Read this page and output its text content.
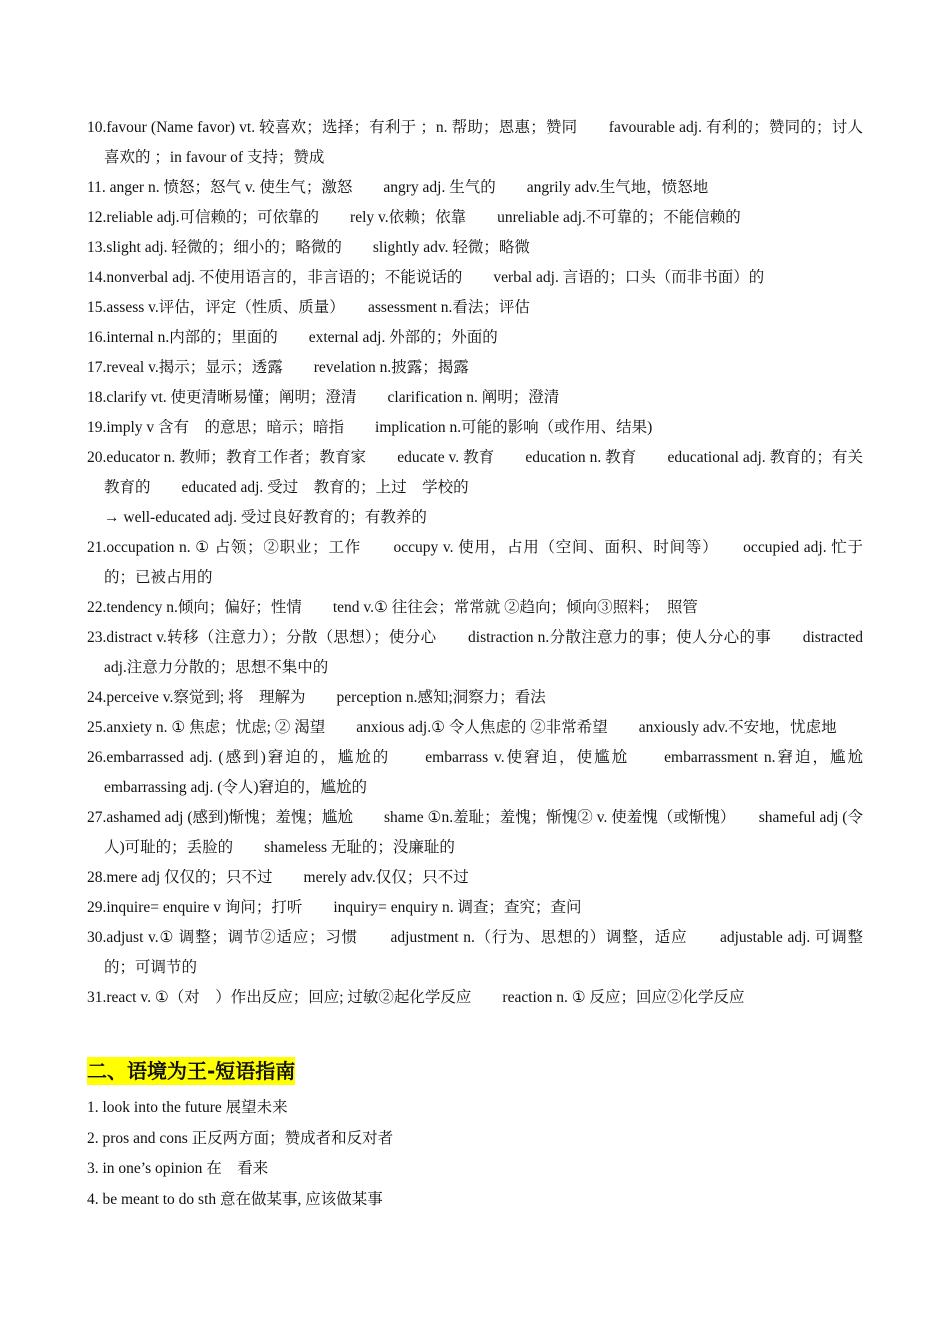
10.favour (Name favor) vt. 较喜欢；选择；有利于 ；n. 帮助；恩惠；赞同　　favourable adj. 有利的；赞同的；讨人喜欢的 ；in favour of 支持；赞成
11. anger n. 愤怒；怒气 v. 使生气；激怒　　angry adj. 生气的　　angrily adv.生气地，愤怒地
12.reliable adj.可信赖的；可依靠的　　rely v.依赖；依靠　　unreliable adj.不可靠的；不能信赖的
13.slight adj. 轻微的；细小的；略微的　　slightly adv. 轻微；略微
14.nonverbal adj. 不使用语言的，非言语的；不能说话的　　verbal adj. 言语的；口头（而非书面）的
15.assess v.评估，评定（性质、质量）　　assessment n.看法；评估
16.internal n.内部的；里面的　　external adj. 外部的；外面的
17.reveal v.揭示；显示；透露　　revelation n.披露；揭露
18.clarify vt. 使更清晰易懂；阐明；澄清　　clarification n. 阐明；澄清
19.imply v 含有　的意思；暗示；暗指　　implication n.可能的影响（或作用、结果)
20.educator n. 教师；教育工作者；教育家　　educate v. 教育　　education n. 教育　　educational adj. 教育的；有关教育的　　educated adj. 受过　教育的；上过　学校的
→ well-educated adj. 受过良好教育的；有教养的
21.occupation n. ① 占领；②职业；工作　　occupy v. 使用，占用（空间、面积、时间等）　　occupied adj. 忙于　　的；已被占用的
22.tendency n.倾向；偏好；性情　　tend v.① 往往会；常常就 ②趋向；倾向③照料；　照管
23.distract v.转移（注意力）；分散（思想）；使分心　　distraction n.分散注意力的事；使人分心的事　　distracted adj.注意力分散的；思想不集中的
24.perceive v.察觉到; 将　理解为　　perception n.感知;洞察力；看法
25.anxiety n. ① 焦虑；忧虑; ② 渴望　　anxious adj.① 令人焦虑的 ②非常希望　　anxiously adv.不安地，忧虑地
26.embarrassed adj. (感到)窘迫的，尴尬的　　embarrass v.使窘迫，使尴尬　　embarrassment n.窘迫，尴尬　　　embarrassing adj. (令人)窘迫的，尴尬的
27.ashamed adj (感到)惭愧；羞愧；尴尬　　shame ①n.羞耻；羞愧；惭愧② v. 使羞愧（或惭愧）　　shameful adj (令人)可耻的；丢脸的　　shameless 无耻的；没廉耻的
28.mere adj 仅仅的；只不过　　merely adv.仅仅；只不过
29.inquire= enquire v 询问；打听　　inquiry= enquiry n. 调查；查究；查问
30.adjust v.① 调整；调节②适应；习惯　　adjustment n.（行为、思想的）调整，适应　　adjustable adj. 可调整的；可调节的
31.react v. ①（对　）作出反应；回应; 过敏②起化学反应　　reaction n. ① 反应；回应②化学反应
二、语境为王-短语指南
1. look into the future 展望未来
2. pros and cons 正反两方面；赞成者和反对者
3. in one’s opinion 在　看来
4. be meant to do sth 意在做某事, 应该做某事
